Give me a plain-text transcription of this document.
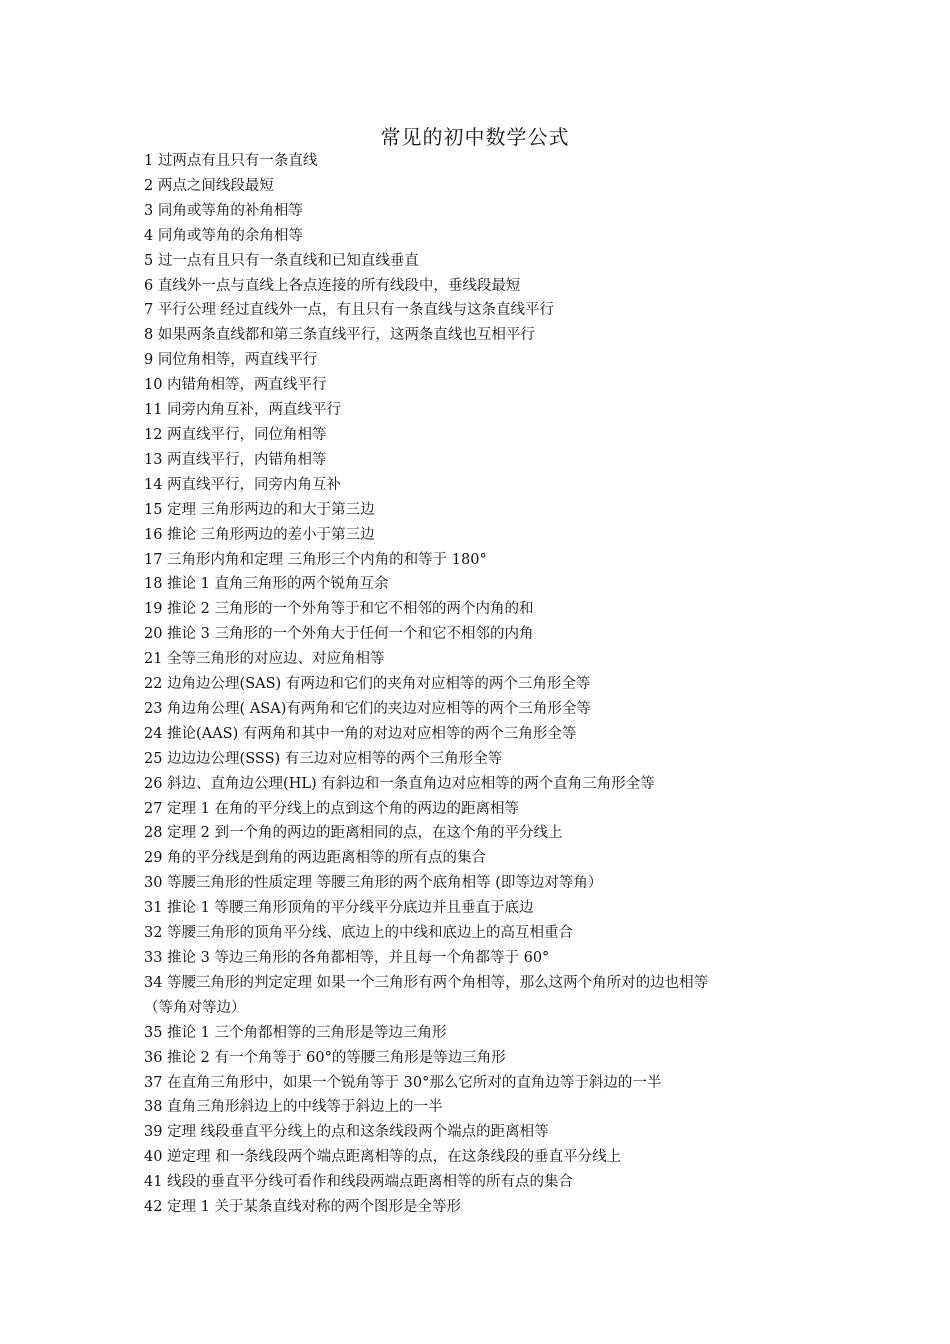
常见的初中数学公式
1 过两点有且只有一条直线
2 两点之间线段最短
3 同角或等角的补角相等
4 同角或等角的余角相等
5 过一点有且只有一条直线和已知直线垂直
6 直线外一点与直线上各点连接的所有线段中，垂线段最短
7 平行公理 经过直线外一点，有且只有一条直线与这条直线平行
8 如果两条直线都和第三条直线平行，这两条直线也互相平行
9 同位角相等，两直线平行
10 内错角相等，两直线平行
11 同旁内角互补，两直线平行
12 两直线平行，同位角相等
13 两直线平行，内错角相等
14 两直线平行，同旁内角互补
15 定理 三角形两边的和大于第三边
16 推论 三角形两边的差小于第三边
17 三角形内角和定理 三角形三个内角的和等于 180°
18 推论 1 直角三角形的两个锐角互余
19 推论 2 三角形的一个外角等于和它不相邻的两个内角的和
20 推论 3 三角形的一个外角大于任何一个和它不相邻的内角
21 全等三角形的对应边、对应角相等
22 边角边公理(SAS) 有两边和它们的夹角对应相等的两个三角形全等
23 角边角公理( ASA)有两角和它们的夹边对应相等的两个三角形全等
24 推论(AAS) 有两角和其中一角的对边对应相等的两个三角形全等
25 边边边公理(SSS) 有三边对应相等的两个三角形全等
26 斜边、直角边公理(HL) 有斜边和一条直角边对应相等的两个直角三角形全等
27 定理 1 在角的平分线上的点到这个角的两边的距离相等
28 定理 2 到一个角的两边的距离相同的点，在这个角的平分线上
29 角的平分线是到角的两边距离相等的所有点的集合
30 等腰三角形的性质定理 等腰三角形的两个底角相等 (即等边对等角）
31 推论 1 等腰三角形顶角的平分线平分底边并且垂直于底边
32 等腰三角形的顶角平分线、底边上的中线和底边上的高互相重合
33 推论 3 等边三角形的各角都相等，并且每一个角都等于 60°
34 等腰三角形的判定定理 如果一个三角形有两个角相等，那么这两个角所对的边也相等
（等角对等边）
35 推论 1 三个角都相等的三角形是等边三角形
36 推论 2 有一个角等于 60°的等腰三角形是等边三角形
37 在直角三角形中，如果一个锐角等于 30°那么它所对的直角边等于斜边的一半
38 直角三角形斜边上的中线等于斜边上的一半
39 定理 线段垂直平分线上的点和这条线段两个端点的距离相等
40 逆定理 和一条线段两个端点距离相等的点，在这条线段的垂直平分线上
41 线段的垂直平分线可看作和线段两端点距离相等的所有点的集合
42 定理 1 关于某条直线对称的两个图形是全等形
